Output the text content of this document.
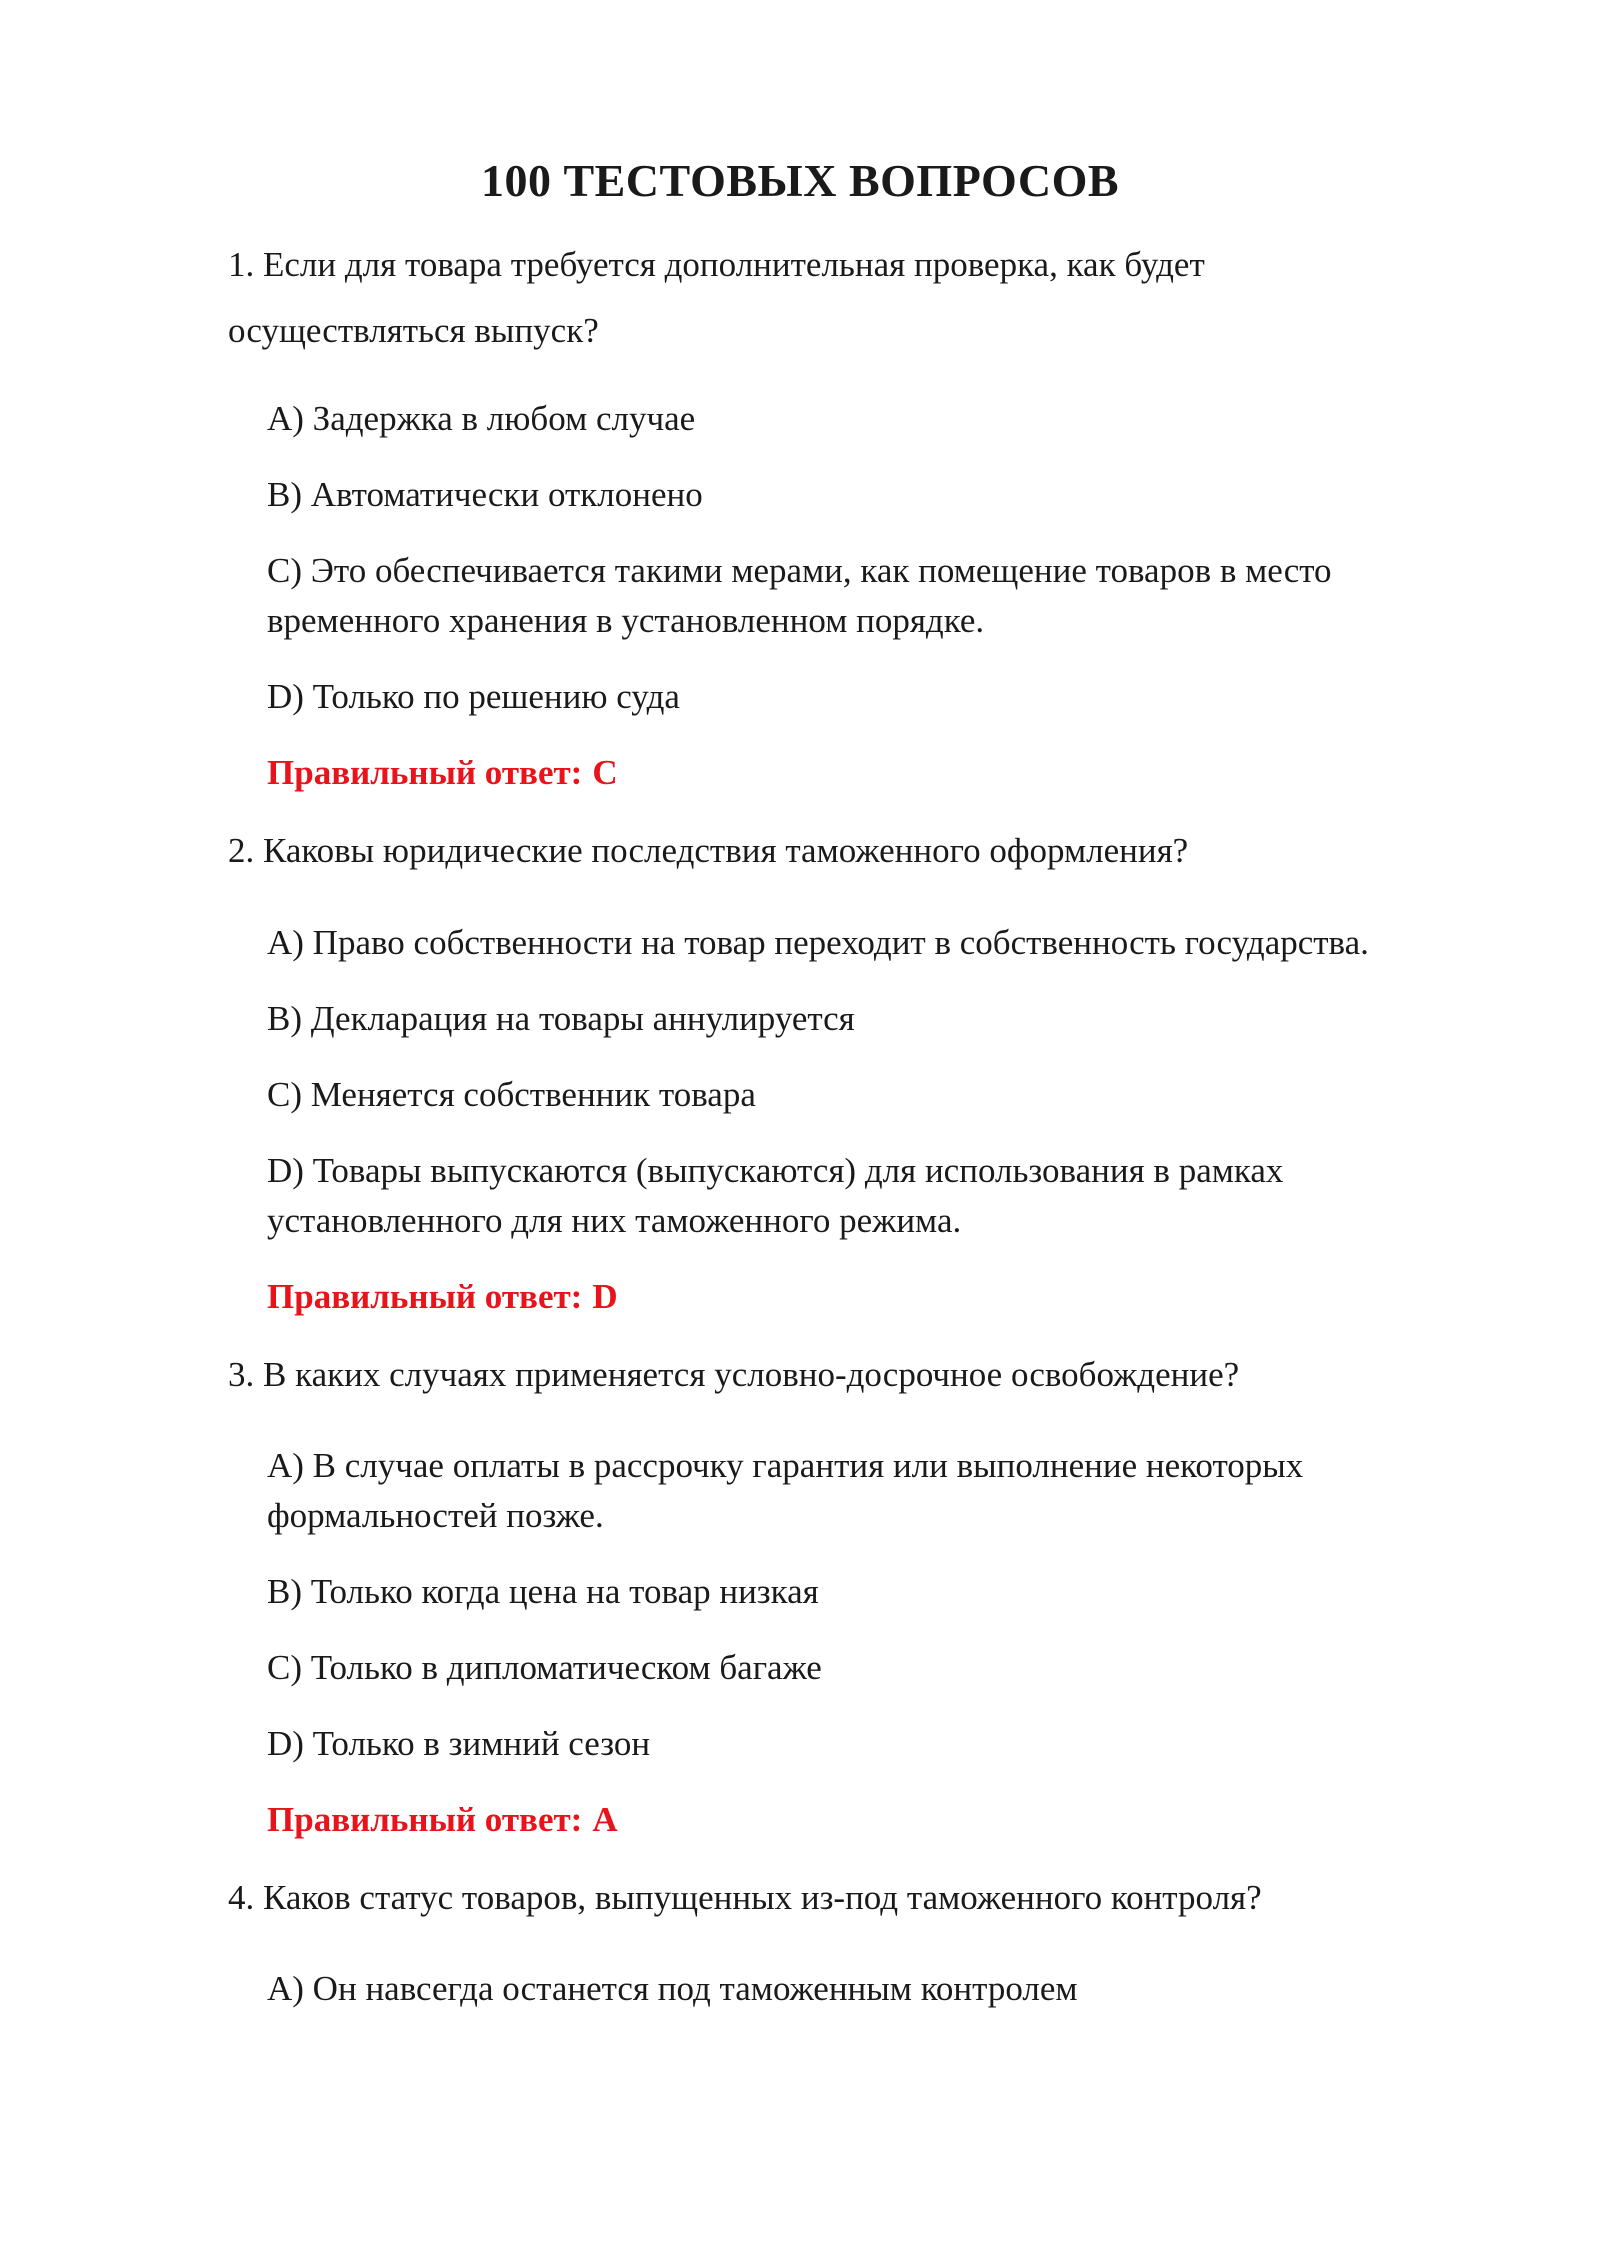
100 ТЕСТОВЫХ ВОПРОСОВ

1. Если для товара требуется дополнительная проверка, как будет осуществляться выпуск?

A) Задержка в любом случае

B) Автоматически отклонено

C) Это обеспечивается такими мерами, как помещение товаров в место временного хранения в установленном порядке.

D) Только по решению суда

Правильный ответ: C

2. Каковы юридические последствия таможенного оформления?

A) Право собственности на товар переходит в собственность государства.

B) Декларация на товары аннулируется

C) Меняется собственник товара

D) Товары выпускаются (выпускаются) для использования в рамках установленного для них таможенного режима.

Правильный ответ: D

3. В каких случаях применяется условно-досрочное освобождение?

A) В случае оплаты в рассрочку гарантия или выполнение некоторых формальностей позже.

B) Только когда цена на товар низкая

C) Только в дипломатическом багаже

D) Только в зимний сезон

Правильный ответ: A

4. Каков статус товаров, выпущенных из-под таможенного контроля?

A) Он навсегда останется под таможенным контролем
